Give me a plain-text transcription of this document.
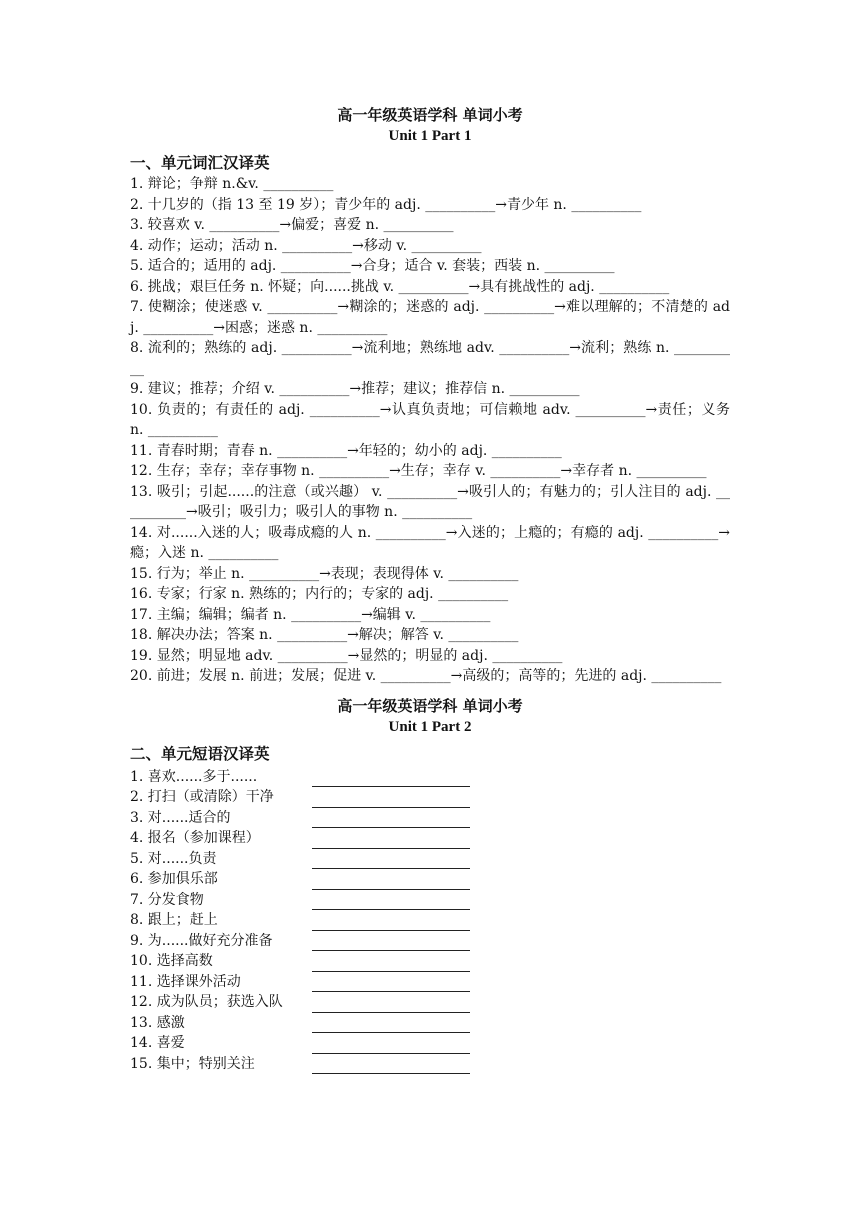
高一年级英语学科 单词小考
Unit 1 Part 1
一、单元词汇汉译英
1. 辩论；争辩 n.&v. __________
2. 十几岁的（指 13 至 19 岁）；青少年的 adj. __________→青少年 n. __________
3. 较喜欢 v. __________→偏爱；喜爱 n. __________
4. 动作；运动；活动 n. __________→移动 v. __________
5. 适合的；适用的 adj. __________→合身；适合 v. 套装；西装 n. __________
6. 挑战；艰巨任务 n. 怀疑；向......挑战 v. __________→具有挑战性的 adj. __________
7. 使糊涂；使迷惑 v. __________→糊涂的；迷惑的 adj. __________→难以理解的；不清楚的 adj. __________→困惑；迷惑 n. __________
8. 流利的；熟练的 adj. __________→流利地；熟练地 adv. __________→流利；熟练 n. __________
9. 建议；推荐；介绍 v. __________→推荐；建议；推荐信 n. __________
10. 负责的；有责任的 adj. __________→认真负责地；可信赖地 adv. __________→责任；义务 n. __________
11. 青春时期；青春 n. __________→年轻的；幼小的 adj. __________
12. 生存；幸存；幸存事物 n. __________→生存；幸存 v. __________→幸存者 n. __________
13. 吸引；引起......的注意（或兴趣） v. __________→吸引人的；有魅力的；引人注目的 adj. __________→吸引；吸引力；吸引人的事物 n. __________
14. 对......入迷的人；吸毒成瘾的人 n. __________→入迷的；上瘾的；有瘾的 adj. __________→瘾；入迷 n. __________
15. 行为；举止 n. __________→表现；表现得体 v. __________
16. 专家；行家 n. 熟练的；内行的；专家的 adj. __________
17. 主编；编辑；编者 n. __________→编辑 v. __________
18. 解决办法；答案 n. __________→解决；解答 v. __________
19. 显然；明显地 adv. __________→显然的；明显的 adj. __________
20. 前进；发展 n. 前进；发展；促进 v. __________→高级的；高等的；先进的 adj. __________
高一年级英语学科 单词小考
Unit 1 Part 2
二、单元短语汉译英
1. 喜欢......多于......
2. 打扫（或清除）干净
3. 对......适合的
4. 报名（参加课程）
5. 对......负责
6. 参加俱乐部
7. 分发食物
8. 跟上；赶上
9. 为......做好充分准备
10. 选择高数
11. 选择课外活动
12. 成为队员；获选入队
13. 感激
14. 喜爱
15. 集中；特别关注
